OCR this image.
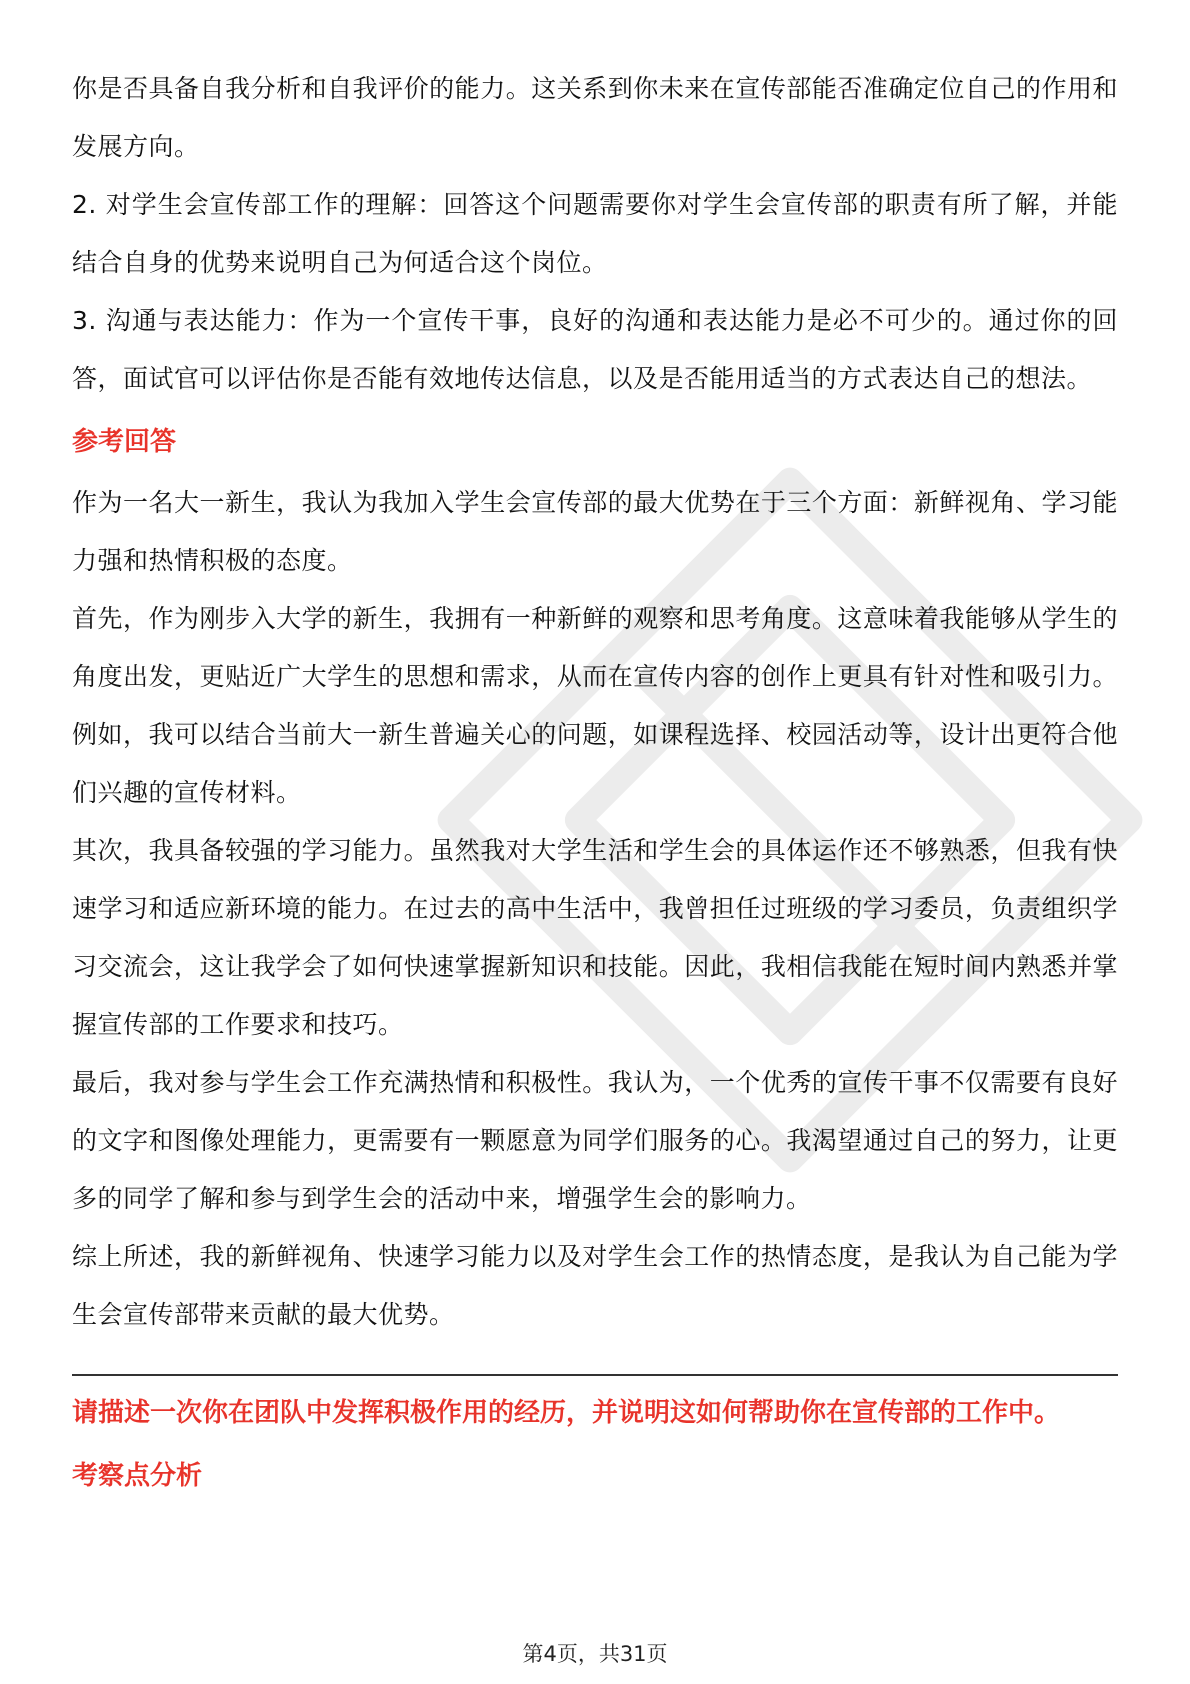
你是否具备自我分析和自我评价的能力。这关系到你未来在宣传部能否准确定位自己的作用和发展方向。

2. 对学生会宣传部工作的理解：回答这个问题需要你对学生会宣传部的职责有所了解，并能结合自身的优势来说明自己为何适合这个岗位。

3. 沟通与表达能力：作为一个宣传干事，良好的沟通和表达能力是必不可少的。通过你的回答，面试官可以评估你是否能有效地传达信息，以及是否能用适当的方式表达自己的想法。

参考回答

作为一名大一新生，我认为我加入学生会宣传部的最大优势在于三个方面：新鲜视角、学习能力强和热情积极的态度。

首先，作为刚步入大学的新生，我拥有一种新鲜的观察和思考角度。这意味着我能够从学生的角度出发，更贴近广大学生的思想和需求，从而在宣传内容的创作上更具有针对性和吸引力。例如，我可以结合当前大一新生普遍关心的问题，如课程选择、校园活动等，设计出更符合他们兴趣的宣传材料。

其次，我具备较强的学习能力。虽然我对大学生活和学生会的具体运作还不够熟悉，但我有快速学习和适应新环境的能力。在过去的高中生活中，我曾担任过班级的学习委员，负责组织学习交流会，这让我学会了如何快速掌握新知识和技能。因此，我相信我能在短时间内熟悉并掌握宣传部的工作要求和技巧。

最后，我对参与学生会工作充满热情和积极性。我认为，一个优秀的宣传干事不仅需要有良好的文字和图像处理能力，更需要有一颗愿意为同学们服务的心。我渴望通过自己的努力，让更多的同学了解和参与到学生会的活动中来，增强学生会的影响力。

综上所述，我的新鲜视角、快速学习能力以及对学生会工作的热情态度，是我认为自己能为学生会宣传部带来贡献的最大优势。

请描述一次你在团队中发挥积极作用的经历，并说明这如何帮助你在宣传部的工作中。
考察点分析
第4页，共31页
